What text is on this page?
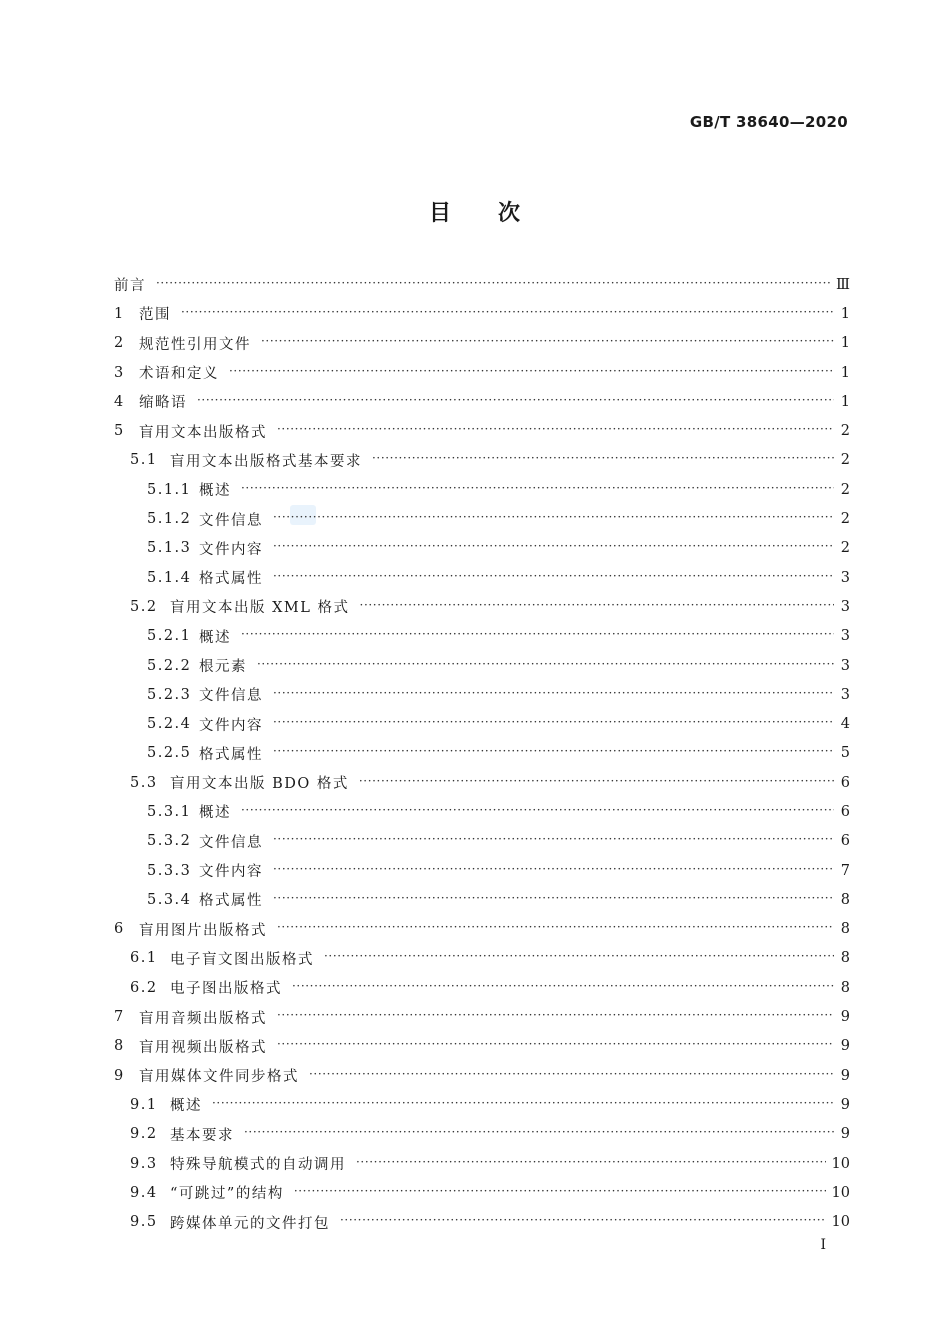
GB/T 38640—2020
目 次
前言 ·····	Ⅲ
1 范围 ·····	1
2 规范性引用文件 ·····	1
3 术语和定义 ·····	1
4 缩略语 ·····	1
5 盲用文本出版格式 ·····	2
5.1 盲用文本出版格式基本要求 ·····	2
5.1.1 概述 ·····	2
5.1.2 文件信息 ·····	2
5.1.3 文件内容 ·····	2
5.1.4 格式属性 ·····	3
5.2 盲用文本出版 XML 格式 ·····	3
5.2.1 概述 ·····	3
5.2.2 根元素 ·····	3
5.2.3 文件信息 ·····	3
5.2.4 文件内容 ·····	4
5.2.5 格式属性 ·····	5
5.3 盲用文本出版 BDO 格式 ·····	6
5.3.1 概述 ·····	6
5.3.2 文件信息 ·····	6
5.3.3 文件内容 ·····	7
5.3.4 格式属性 ·····	8
6 盲用图片出版格式 ·····	8
6.1 电子盲文图出版格式 ·····	8
6.2 电子图出版格式 ·····	8
7 盲用音频出版格式 ·····	9
8 盲用视频出版格式 ·····	9
9 盲用媒体文件同步格式 ·····	9
9.1 概述 ·····	9
9.2 基本要求 ·····	9
9.3 特殊导航模式的自动调用 ·····	10
9.4 “可跳过”的结构 ·····	10
9.5 跨媒体单元的文件打包 ·····	10
Ⅰ
